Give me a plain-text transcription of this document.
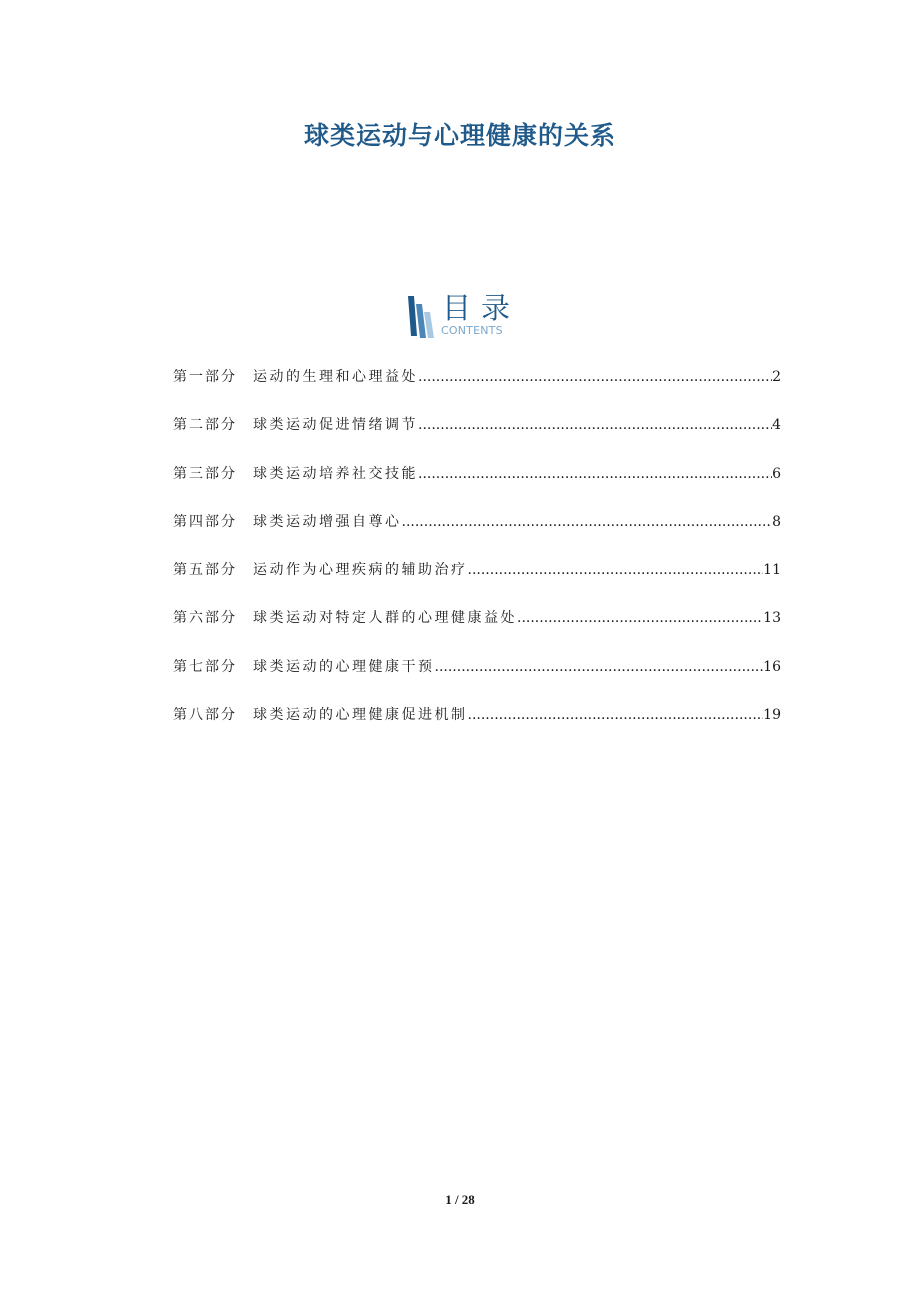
球类运动与心理健康的关系
目录
CONTENTS
第一部分	运动的生理和心理益处 .....	2
第二部分	球类运动促进情绪调节 .....	4
第三部分	球类运动培养社交技能 .....	6
第四部分	球类运动增强自尊心 .....	8
第五部分	运动作为心理疾病的辅助治疗 .....	11
第六部分	球类运动对特定人群的心理健康益处 .....	13
第七部分	球类运动的心理健康干预 .....	16
第八部分	球类运动的心理健康促进机制 .....	19
1 / 28
